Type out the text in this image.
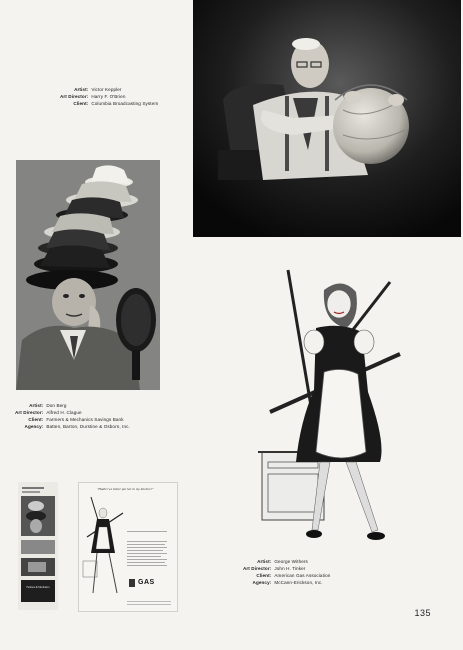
Artist:	Victor Keppler
Art Director:	Harry F. O'Brien
Client:	Columbia Broadcasting System
Artist:	Don Berg
Art Director:	Alfred H. Clague
Client:	Farmers & Mechanics Savings Bank
Agency:	Batten, Barton, Durstine & Osborn, Inc.
Artist:	George Withers
Art Director:	John H. Tinker
Client:	American Gas Association
Agency:	McCann-Erickson, Inc.
Farmers & Mechanics
"Hadn't we better put her in my kitchen?"
GAS
135
